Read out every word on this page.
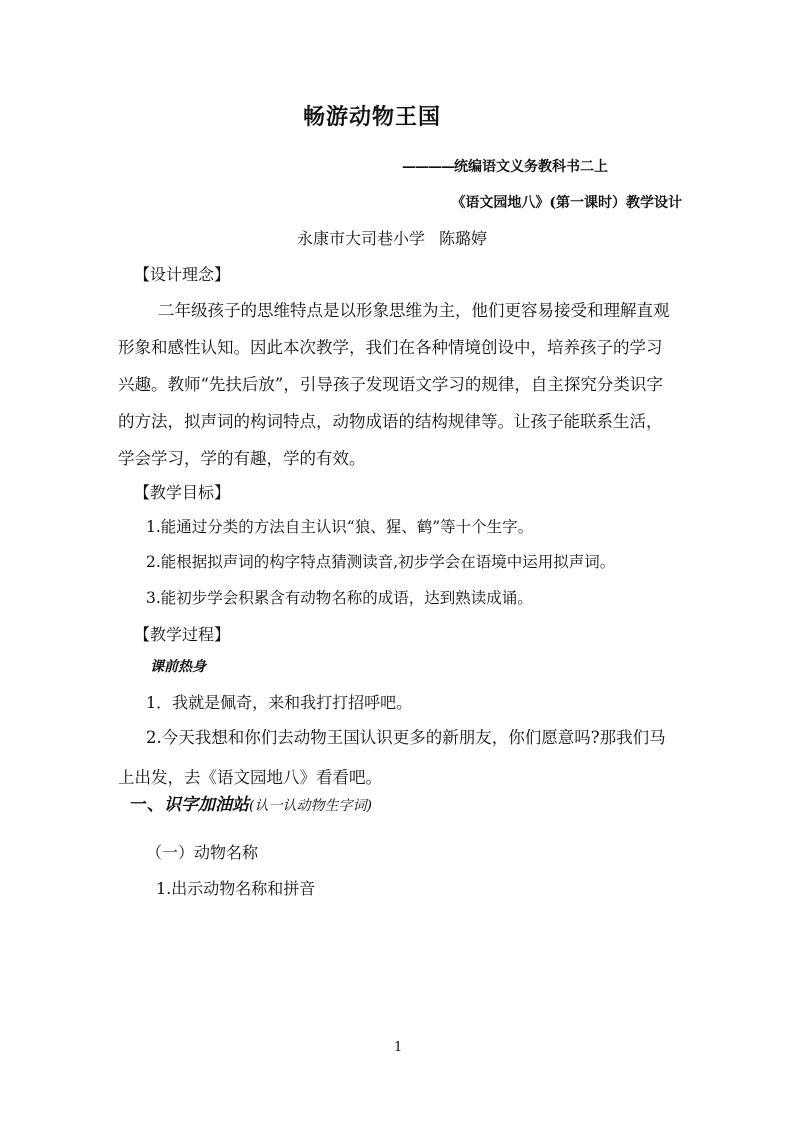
畅游动物王国
————统编语文义务教科书二上
《语文园地八》(第一课时）教学设计
永康市大司巷小学 陈璐婷
【设计理念】
二年级孩子的思维特点是以形象思维为主，他们更容易接受和理解直观形象和感性认知。因此本次教学，我们在各种情境创设中，培养孩子的学习兴趣。教师“先扶后放”，引导孩子发现语文学习的规律，自主探究分类识字的方法，拟声词的构词特点，动物成语的结构规律等。让孩子能联系生活，学会学习，学的有趣，学的有效。
【教学目标】
1.能通过分类的方法自主认识“狼、猩、鹤”等十个生字。
2.能根据拟声词的构字特点猜测读音,初步学会在语境中运用拟声词。
3.能初步学会积累含有动物名称的成语，达到熟读成诵。
【教学过程】
课前热身
1．我就是佩奇，来和我打打招呼吧。
2.今天我想和你们去动物王国认识更多的新朋友，你们愿意吗?那我们马上出发，去《语文园地八》看看吧。
一、识字加油站(认一认动物生字词)
（一）动物名称
1.出示动物名称和拼音
1
